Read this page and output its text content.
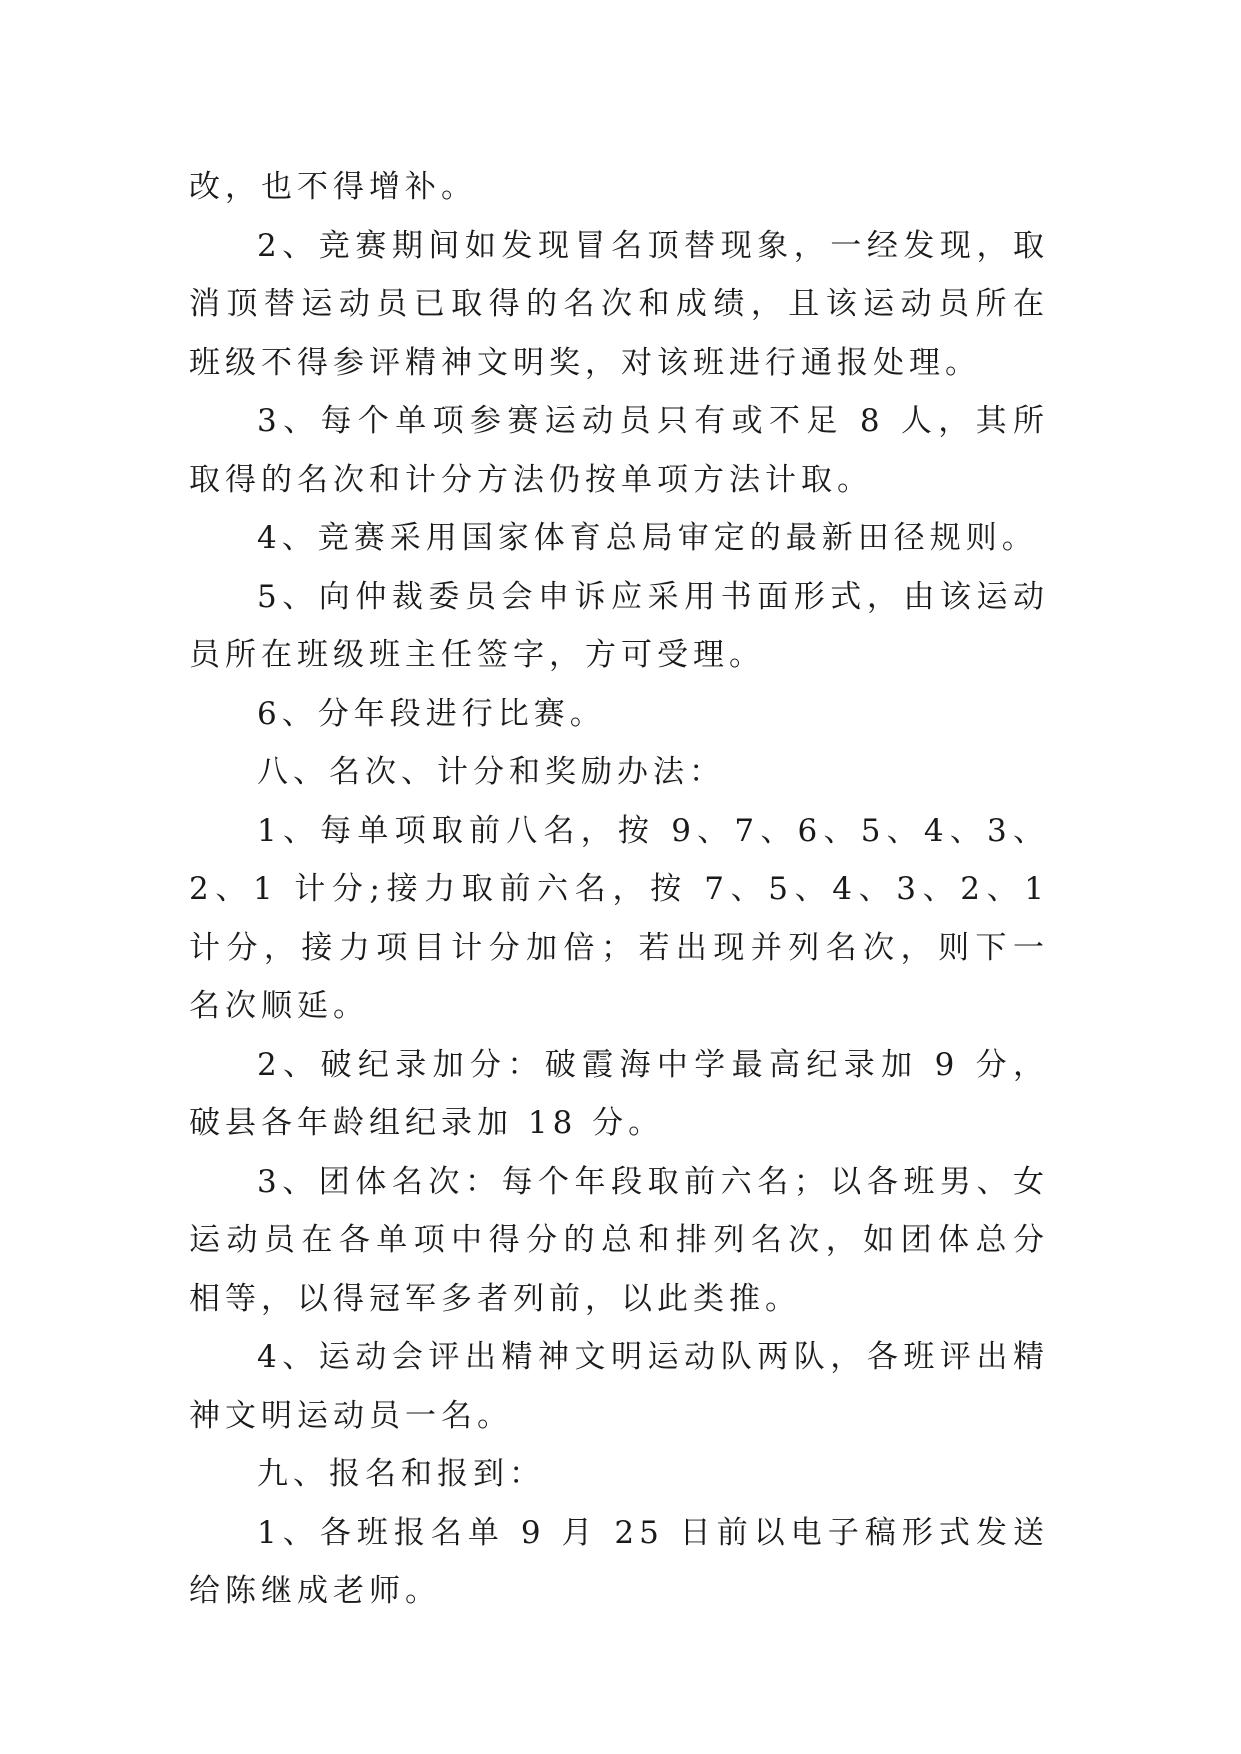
改，也不得增补。

2、竞赛期间如发现冒名顶替现象，一经发现，取消顶替运动员已取得的名次和成绩，且该运动员所在班级不得参评精神文明奖，对该班进行通报处理。

3、每个单项参赛运动员只有或不足 8 人，其所取得的名次和计分方法仍按单项方法计取。

4、竞赛采用国家体育总局审定的最新田径规则。

5、向仲裁委员会申诉应采用书面形式，由该运动员所在班级班主任签字，方可受理。

6、分年段进行比赛。

八、名次、计分和奖励办法：

1、每单项取前八名，按 9、7、6、5、4、3、2、1 计分;接力取前六名，按 7、5、4、3、2、1 计分，接力项目计分加倍；若出现并列名次，则下一名次顺延。

2、破纪录加分：破霞海中学最高纪录加 9 分，破县各年龄组纪录加 18 分。

3、团体名次：每个年段取前六名；以各班男、女运动员在各单项中得分的总和排列名次，如团体总分相等，以得冠军多者列前，以此类推。

4、运动会评出精神文明运动队两队，各班评出精神文明运动员一名。

九、报名和报到：

1、各班报名单 9 月 25 日前以电子稿形式发送给陈继成老师。
